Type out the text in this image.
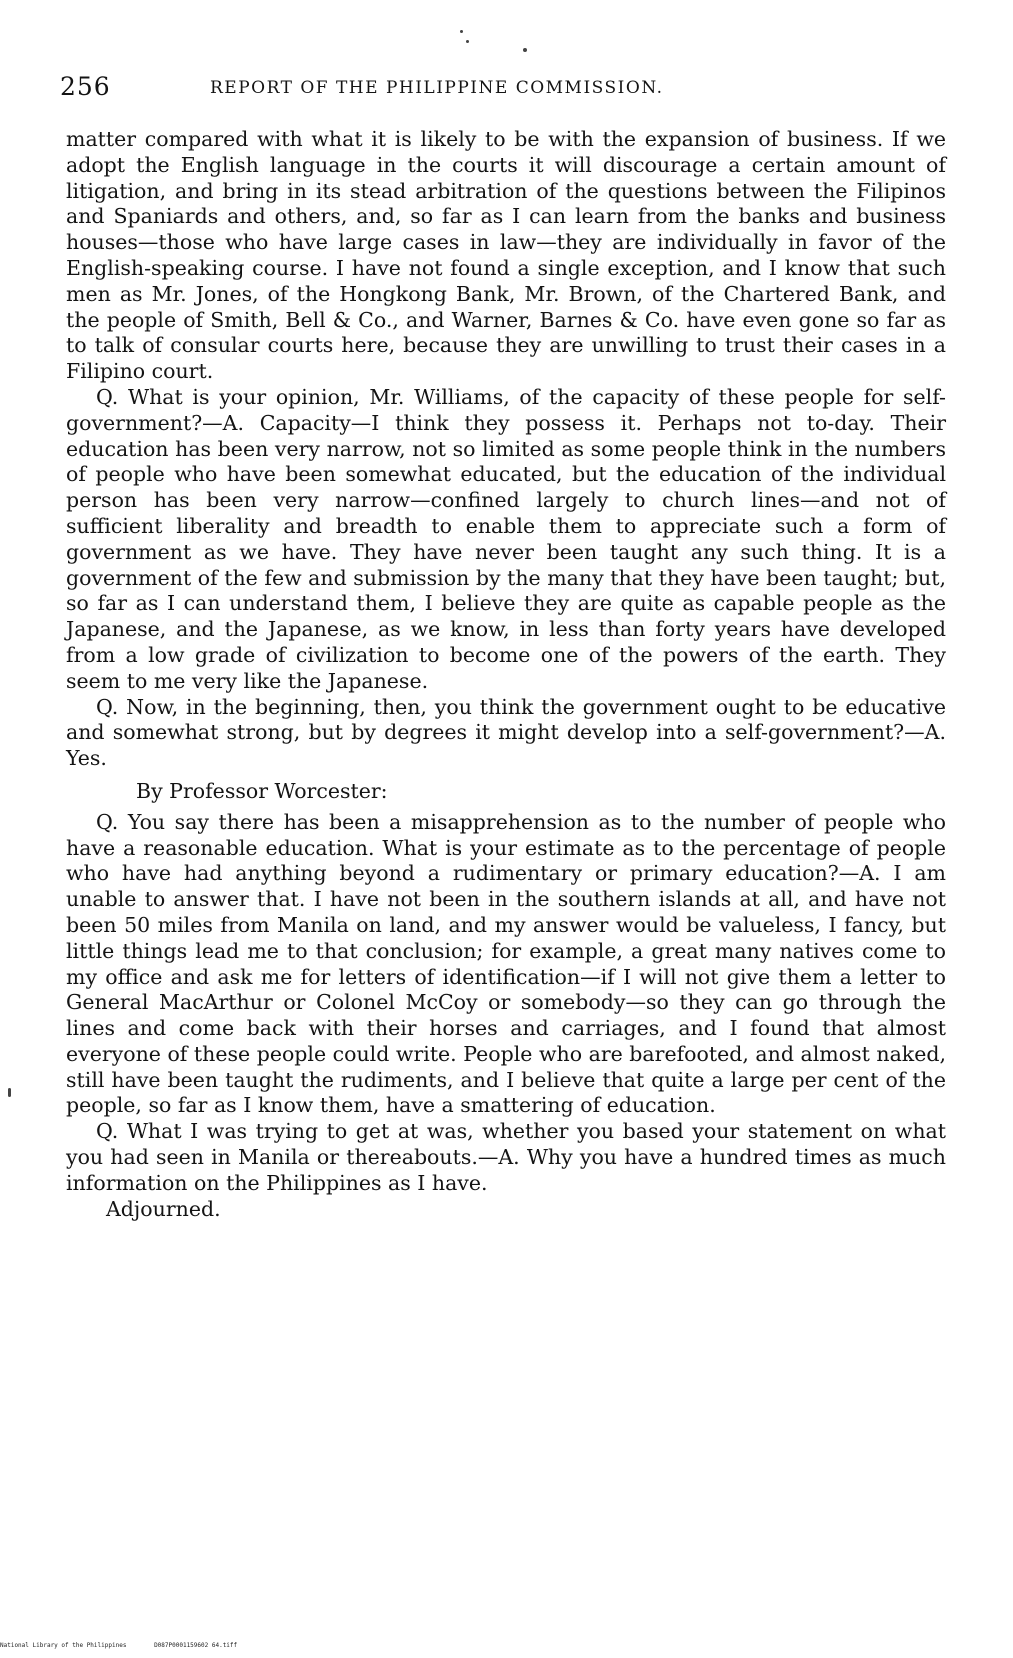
256	REPORT OF THE PHILIPPINE COMMISSION.

matter compared with what it is likely to be with the expansion of business. If we adopt the English language in the courts it will discourage a certain amount of litigation, and bring in its stead arbitration of the questions between the Filipinos and Spaniards and others, and, so far as I can learn from the banks and business houses—those who have large cases in law—they are individually in favor of the English-speaking course. I have not found a single exception, and I know that such men as Mr. Jones, of the Hongkong Bank, Mr. Brown, of the Chartered Bank, and the people of Smith, Bell & Co., and Warner, Barnes & Co. have even gone so far as to talk of consular courts here, because they are unwilling to trust their cases in a Filipino court.

Q. What is your opinion, Mr. Williams, of the capacity of these people for self-government?—A. Capacity—I think they possess it. Perhaps not to-day. Their education has been very narrow, not so limited as some people think in the numbers of people who have been somewhat educated, but the education of the individual person has been very narrow—confined largely to church lines—and not of sufficient liberality and breadth to enable them to appreciate such a form of government as we have. They have never been taught any such thing. It is a government of the few and submission by the many that they have been taught; but, so far as I can understand them, I believe they are quite as capable people as the Japanese, and the Japanese, as we know, in less than forty years have developed from a low grade of civilization to become one of the powers of the earth. They seem to me very like the Japanese.

Q. Now, in the beginning, then, you think the government ought to be educative and somewhat strong, but by degrees it might develop into a self-government?—A. Yes.

By Professor Worcester:

Q. You say there has been a misapprehension as to the number of people who have a reasonable education. What is your estimate as to the percentage of people who have had anything beyond a rudimentary or primary education?—A. I am unable to answer that. I have not been in the southern islands at all, and have not been 50 miles from Manila on land, and my answer would be valueless, I fancy, but little things lead me to that conclusion; for example, a great many natives come to my office and ask me for letters of identification—if I will not give them a letter to General MacArthur or Colonel McCoy or somebody—so they can go through the lines and come back with their horses and carriages, and I found that almost everyone of these people could write. People who are barefooted, and almost naked, still have been taught the rudiments, and I believe that quite a large per cent of the people, so far as I know them, have a smattering of education.

Q. What I was trying to get at was, whether you based your statement on what you had seen in Manila or thereabouts.—A. Why you have a hundred times as much information on the Philippines as I have.

Adjourned.

National Library of the Philippines	D087P0001159602 64.tiff
